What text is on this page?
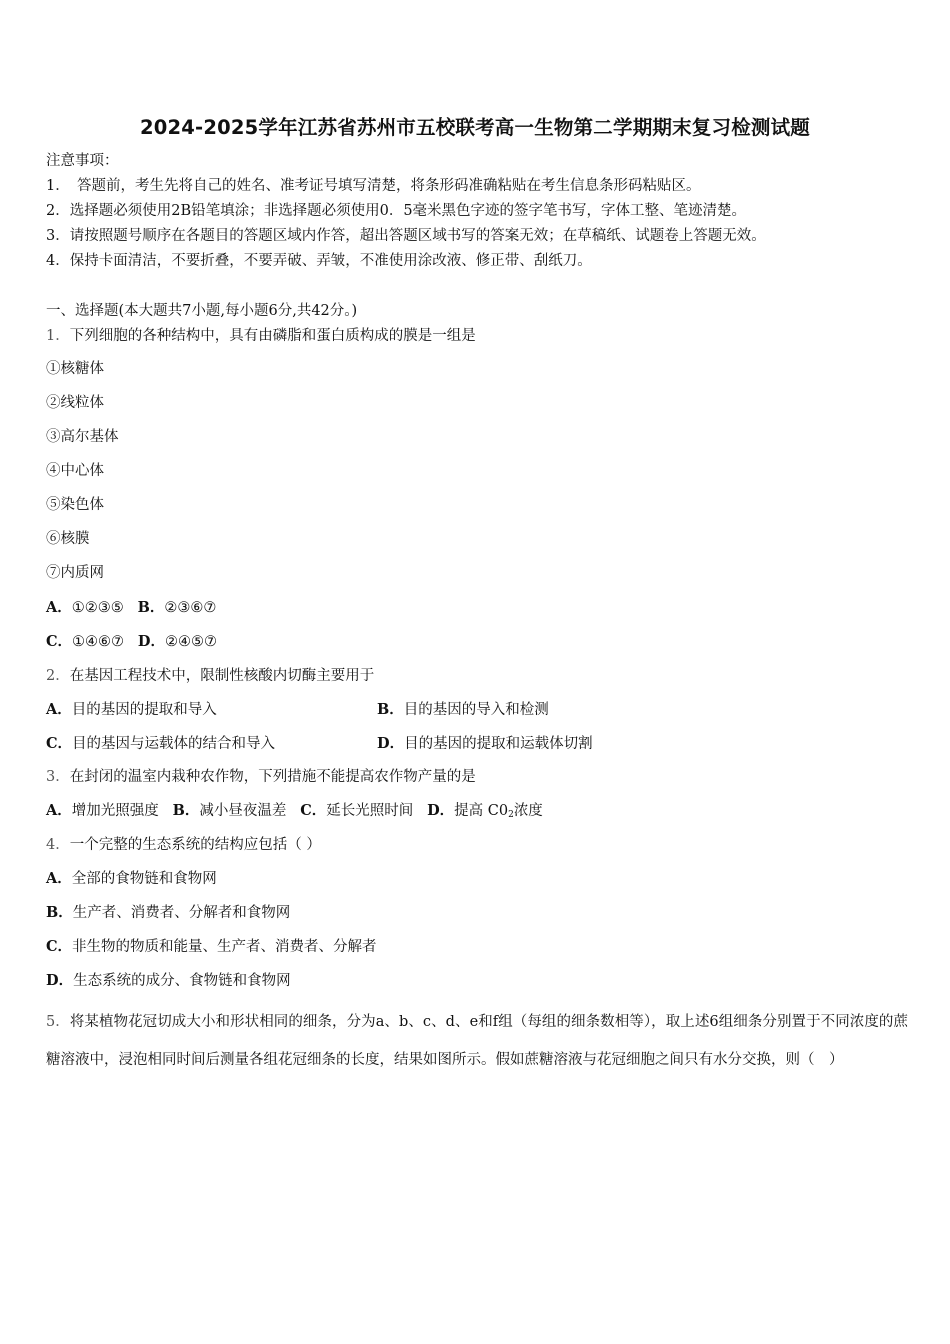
2024-2025学年江苏省苏州市五校联考高一生物第二学期期末复习检测试题
注意事项：
1．　答题前，考生先将自己的姓名、准考证号填写清楚，将条形码准确粘贴在考生信息条形码粘贴区。
2．选择题必须使用2B铅笔填涂；非选择题必须使用0．5毫米黑色字迹的签字笔书写，字体工整、笔迹清楚。
3．请按照题号顺序在各题目的答题区域内作答，超出答题区域书写的答案无效；在草稿纸、试题卷上答题无效。
4．保持卡面清洁，不要折叠，不要弄破、弄皱，不准使用涂改液、修正带、刮纸刀。
一、选择题(本大题共7小题,每小题6分,共42分。)
1．下列细胞的各种结构中，具有由磷脂和蛋白质构成的膜是一组是
①核糖体
②线粒体
③高尔基体
④中心体
⑤染色体
⑥核膜
⑦内质网
A．①②③⑤ B．②③⑥⑦
C．①④⑥⑦ D．②④⑤⑦
2．在基因工程技术中，限制性核酸内切酶主要用于
A．目的基因的提取和导入	B．目的基因的导入和检测
C．目的基因与运载体的结合和导入	D．目的基因的提取和运载体切割
3．在封闭的温室内栽种农作物，下列措施不能提高农作物产量的是
A．增加光照强度 B．减小昼夜温差 C．延长光照时间 D．提高 $C0_2$浓度
4．一个完整的生态系统的结构应包括（ ）
A．全部的食物链和食物网
B．生产者、消费者、分解者和食物网
C．非生物的物质和能量、生产者、消费者、分解者
D．生态系统的成分、食物链和食物网
5．将某植物花冠切成大小和形状相同的细条，分为a、b、c、d、e和f组（每组的细条数相等），取上述6组细条分别置于不同浓度的蔗糖溶液中，浸泡相同时间后测量各组花冠细条的长度，结果如图所示。假如蔗糖溶液与花冠细胞之间只有水分交换，则（　）
